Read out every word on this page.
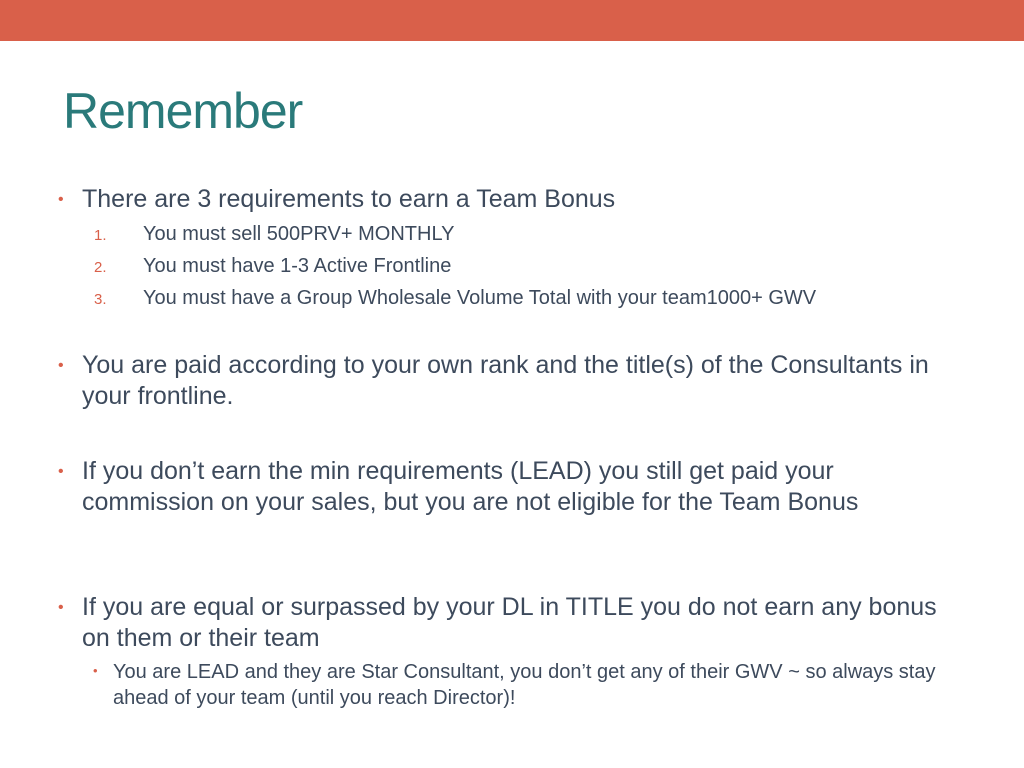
Remember
• There are 3 requirements to earn a Team Bonus
1. You must sell 500PRV+ MONTHLY
2. You must have 1-3 Active Frontline
3. You must have a Group Wholesale Volume Total with your team1000+ GWV
• You are paid according to your own rank and the title(s) of the Consultants in your frontline.
• If you don’t earn the min requirements (LEAD) you still get paid your commission on your sales, but you are not eligible for the Team Bonus
• If you are equal or surpassed by your DL in TITLE you do not earn any bonus on them or their team
• You are LEAD and they are Star Consultant, you don’t get any of their GWV ~ so always stay ahead of your team (until you reach Director)!
